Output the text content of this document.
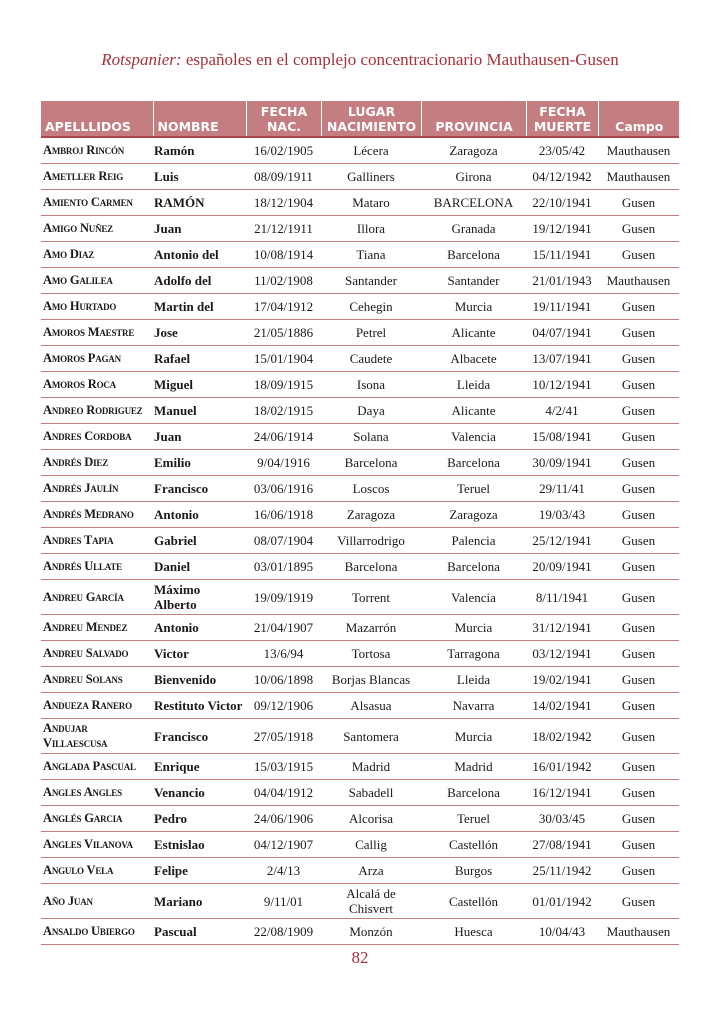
Rotspanier: españoles en el complejo concentracionario Mauthausen-Gusen
APELLLIDOS	NOMBRE	FECHA NAC.	LUGAR NACIMIENTO	PROVINCIA	FECHA MUERTE	Campo
Ambroj Rincón	Ramón	16/02/1905	Lécera	Zaragoza	23/05/42	Mauthausen
Ametller Reig	Luis	08/09/1911	Galliners	Girona	04/12/1942	Mauthausen
Amiento Carmen	RAMÓN	18/12/1904	Mataro	BARCELONA	22/10/1941	Gusen
Amigo Nuñez	Juan	21/12/1911	Illora	Granada	19/12/1941	Gusen
Amo Diaz	Antonio del	10/08/1914	Tiana	Barcelona	15/11/1941	Gusen
Amo Galilea	Adolfo del	11/02/1908	Santander	Santander	21/01/1943	Mauthausen
Amo Hurtado	Martin del	17/04/1912	Cehegin	Murcia	19/11/1941	Gusen
Amoros Maestre	Jose	21/05/1886	Petrel	Alicante	04/07/1941	Gusen
Amoros Pagan	Rafael	15/01/1904	Caudete	Albacete	13/07/1941	Gusen
Amoros Roca	Miguel	18/09/1915	Isona	Lleida	10/12/1941	Gusen
Andreo Rodriguez	Manuel	18/02/1915	Daya	Alicante	4/2/41	Gusen
Andres Cordoba	Juan	24/06/1914	Solana	Valencia	15/08/1941	Gusen
Andrés Diez	Emilio	9/04/1916	Barcelona	Barcelona	30/09/1941	Gusen
Andrés Jaulín	Francisco	03/06/1916	Loscos	Teruel	29/11/41	Gusen
Andrés Medrano	Antonio	16/06/1918	Zaragoza	Zaragoza	19/03/43	Gusen
Andres Tapia	Gabriel	08/07/1904	Villarrodrigo	Palencia	25/12/1941	Gusen
Andrés Ullate	Daniel	03/01/1895	Barcelona	Barcelona	20/09/1941	Gusen
Andreu García	Máximo Alberto	19/09/1919	Torrent	Valencia	8/11/1941	Gusen
Andreu Mendez	Antonio	21/04/1907	Mazarrón	Murcia	31/12/1941	Gusen
Andreu Salvado	Victor	13/6/94	Tortosa	Tarragona	03/12/1941	Gusen
Andreu Solans	Bienvenido	10/06/1898	Borjas Blancas	Lleida	19/02/1941	Gusen
Andueza Ranero	Restituto Victor	09/12/1906	Alsasua	Navarra	14/02/1941	Gusen
Andujar Villaescusa	Francisco	27/05/1918	Santomera	Murcia	18/02/1942	Gusen
Anglada Pascual	Enrique	15/03/1915	Madrid	Madrid	16/01/1942	Gusen
Angles Angles	Venancio	04/04/1912	Sabadell	Barcelona	16/12/1941	Gusen
Anglés Garcia	Pedro	24/06/1906	Alcorisa	Teruel	30/03/45	Gusen
Angles Vilanova	Estnislao	04/12/1907	Callig	Castellón	27/08/1941	Gusen
Angulo Vela	Felipe	2/4/13	Arza	Burgos	25/11/1942	Gusen
Año Juan	Mariano	9/11/01	Alcalá de Chisvert	Castellón	01/01/1942	Gusen
Ansaldo Ubiergo	Pascual	22/08/1909	Monzón	Huesca	10/04/43	Mauthausen
82
